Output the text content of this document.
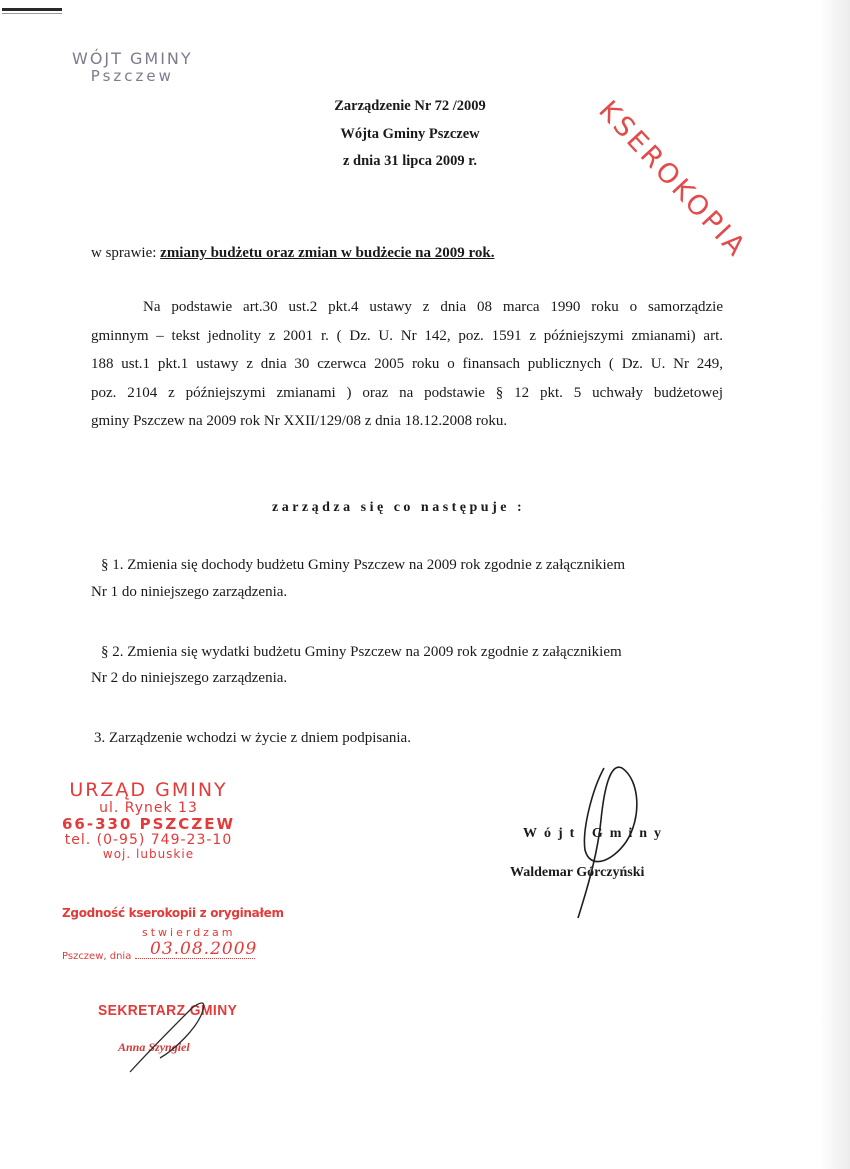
WÓJT GMINY
Pszczew
KSEROKOPIA
Zarządzenie Nr 72 /2009
Wójta Gminy Pszczew
z dnia 31 lipca 2009 r.
w sprawie: zmiany budżetu oraz zmian w budżecie na 2009 rok.
Na podstawie art.30 ust.2 pkt.4 ustawy z dnia 08 marca 1990 roku o samorządzie
gminnym – tekst jednolity z 2001 r. ( Dz. U. Nr 142, poz. 1591 z późniejszymi zmianami) art.
188 ust.1 pkt.1 ustawy z dnia 30 czerwca 2005 roku o finansach publicznych ( Dz. U. Nr 249,
poz. 2104 z późniejszymi zmianami ) oraz na podstawie § 12 pkt. 5 uchwały budżetowej
gminy Pszczew na 2009 rok Nr XXII/129/08 z dnia 18.12.2008 roku.
zarządza się co następuje :
§ 1. Zmienia się dochody budżetu Gminy Pszczew na 2009 rok zgodnie z załącznikiem
Nr 1 do niniejszego zarządzenia.
§ 2. Zmienia się wydatki budżetu Gminy Pszczew na 2009 rok zgodnie z załącznikiem
Nr 2 do niniejszego zarządzenia.
3. Zarządzenie wchodzi w życie z dniem podpisania.
URZĄD GMINY
ul. Rynek 13
66-330 PSZCZEW
tel. (0-95) 749-23-10
woj. lubuskie
Zgodność kserokopii z oryginałem
stwierdzam
Pszczew, dnia	03.08.2009
SEKRETARZ GMINY
Anna Szyngiel
Wójt Gminy
Waldemar Górczyński
